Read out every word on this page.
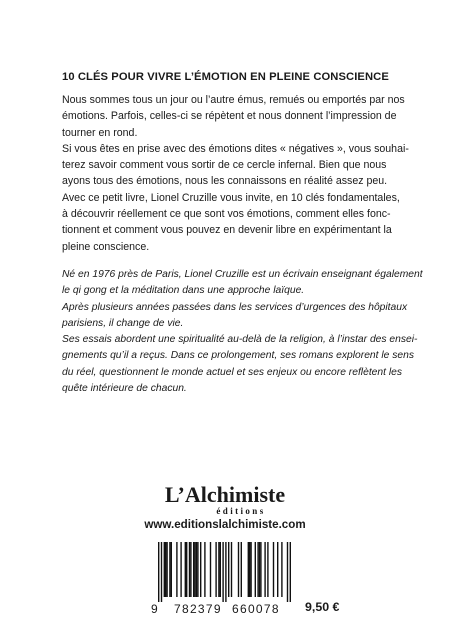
10 CLÉS POUR VIVRE L’ÉMOTION EN PLEINE CONSCIENCE
Nous sommes tous un jour ou l’autre émus, remués ou emportés par nos
émotions. Parfois, celles-ci se répètent et nous donnent l’impression de
tourner en rond.
Si vous êtes en prise avec des émotions dites « négatives », vous souhai-
terez savoir comment vous sortir de ce cercle infernal. Bien que nous
ayons tous des émotions, nous les connaissons en réalité assez peu.
Avec ce petit livre, Lionel Cruzille vous invite, en 10 clés fondamentales,
à découvrir réellement ce que sont vos émotions, comment elles fonc-
tionnent et comment vous pouvez en devenir libre en expérimentant la
pleine conscience.
Né en 1976 près de Paris, Lionel Cruzille est un écrivain enseignant également
le qi gong et la méditation dans une approche laïque.
Après plusieurs années passées dans les services d’urgences des hôpitaux
parisiens, il change de vie.
Ses essais abordent une spiritualité au-delà de la religion, à l’instar des ensei-
gnements qu’il a reçus. Dans ce prolongement, ses romans explorent le sens
du réel, questionnent le monde actuel et ses enjeux ou encore reflètent les
quête intérieure de chacun.
L’Alchimiste
éditions
www.editionslalchimiste.com
9 782379 660078 9,50 €
